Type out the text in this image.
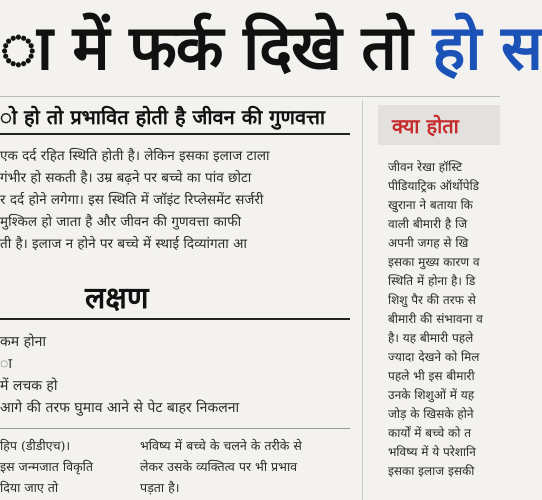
ा में फर्क दिखे तो हो स
ो हो तो प्रभावित होती है जीवन की गुणवत्ता
एक दर्द रहित स्थिति होती है। लेकिन इसका इलाज टाला
गंभीर हो सकती है। उम्र बढ़ने पर बच्चे का पांव छोटा
र दर्द होने लगेगा। इस स्थिति में जॉइंट रिप्लेसमेंट सर्जरी
मुश्किल हो जाता है और जीवन की गुणवत्ता काफी
ती है। इलाज न होने पर बच्चे में स्थाई दिव्यांगता आ
लक्षण
कम होना
ा
में लचक हो
आगे की तरफ घुमाव आने से पेट बाहर निकलना
हिप (डीडीएच)।
इस जन्मजात विकृति
दिया जाए तो
भविष्य में बच्चे के चलने के तरीके से
लेकर उसके व्यक्तित्व पर भी प्रभाव
पड़ता है।
क्या होता
जीवन रेखा हॉस्टि
पीडियाट्रिक ऑर्थोपेडि
खुराना ने बताया कि
वाली बीमारी है जि
अपनी जगह से खि
इसका मुख्य कारण व
स्थिति में होना है। डि
शिशु पैर की तरफ से
बीमारी की संभावना व
है। यह बीमारी पहले
ज्यादा देखने को मिल
पहले भी इस बीमारी
उनके शिशुओं में यह
जोड़ के खिसके होने
कार्यों में बच्चे को त
भविष्य में ये परेशानि
इसका इलाज इसकी
